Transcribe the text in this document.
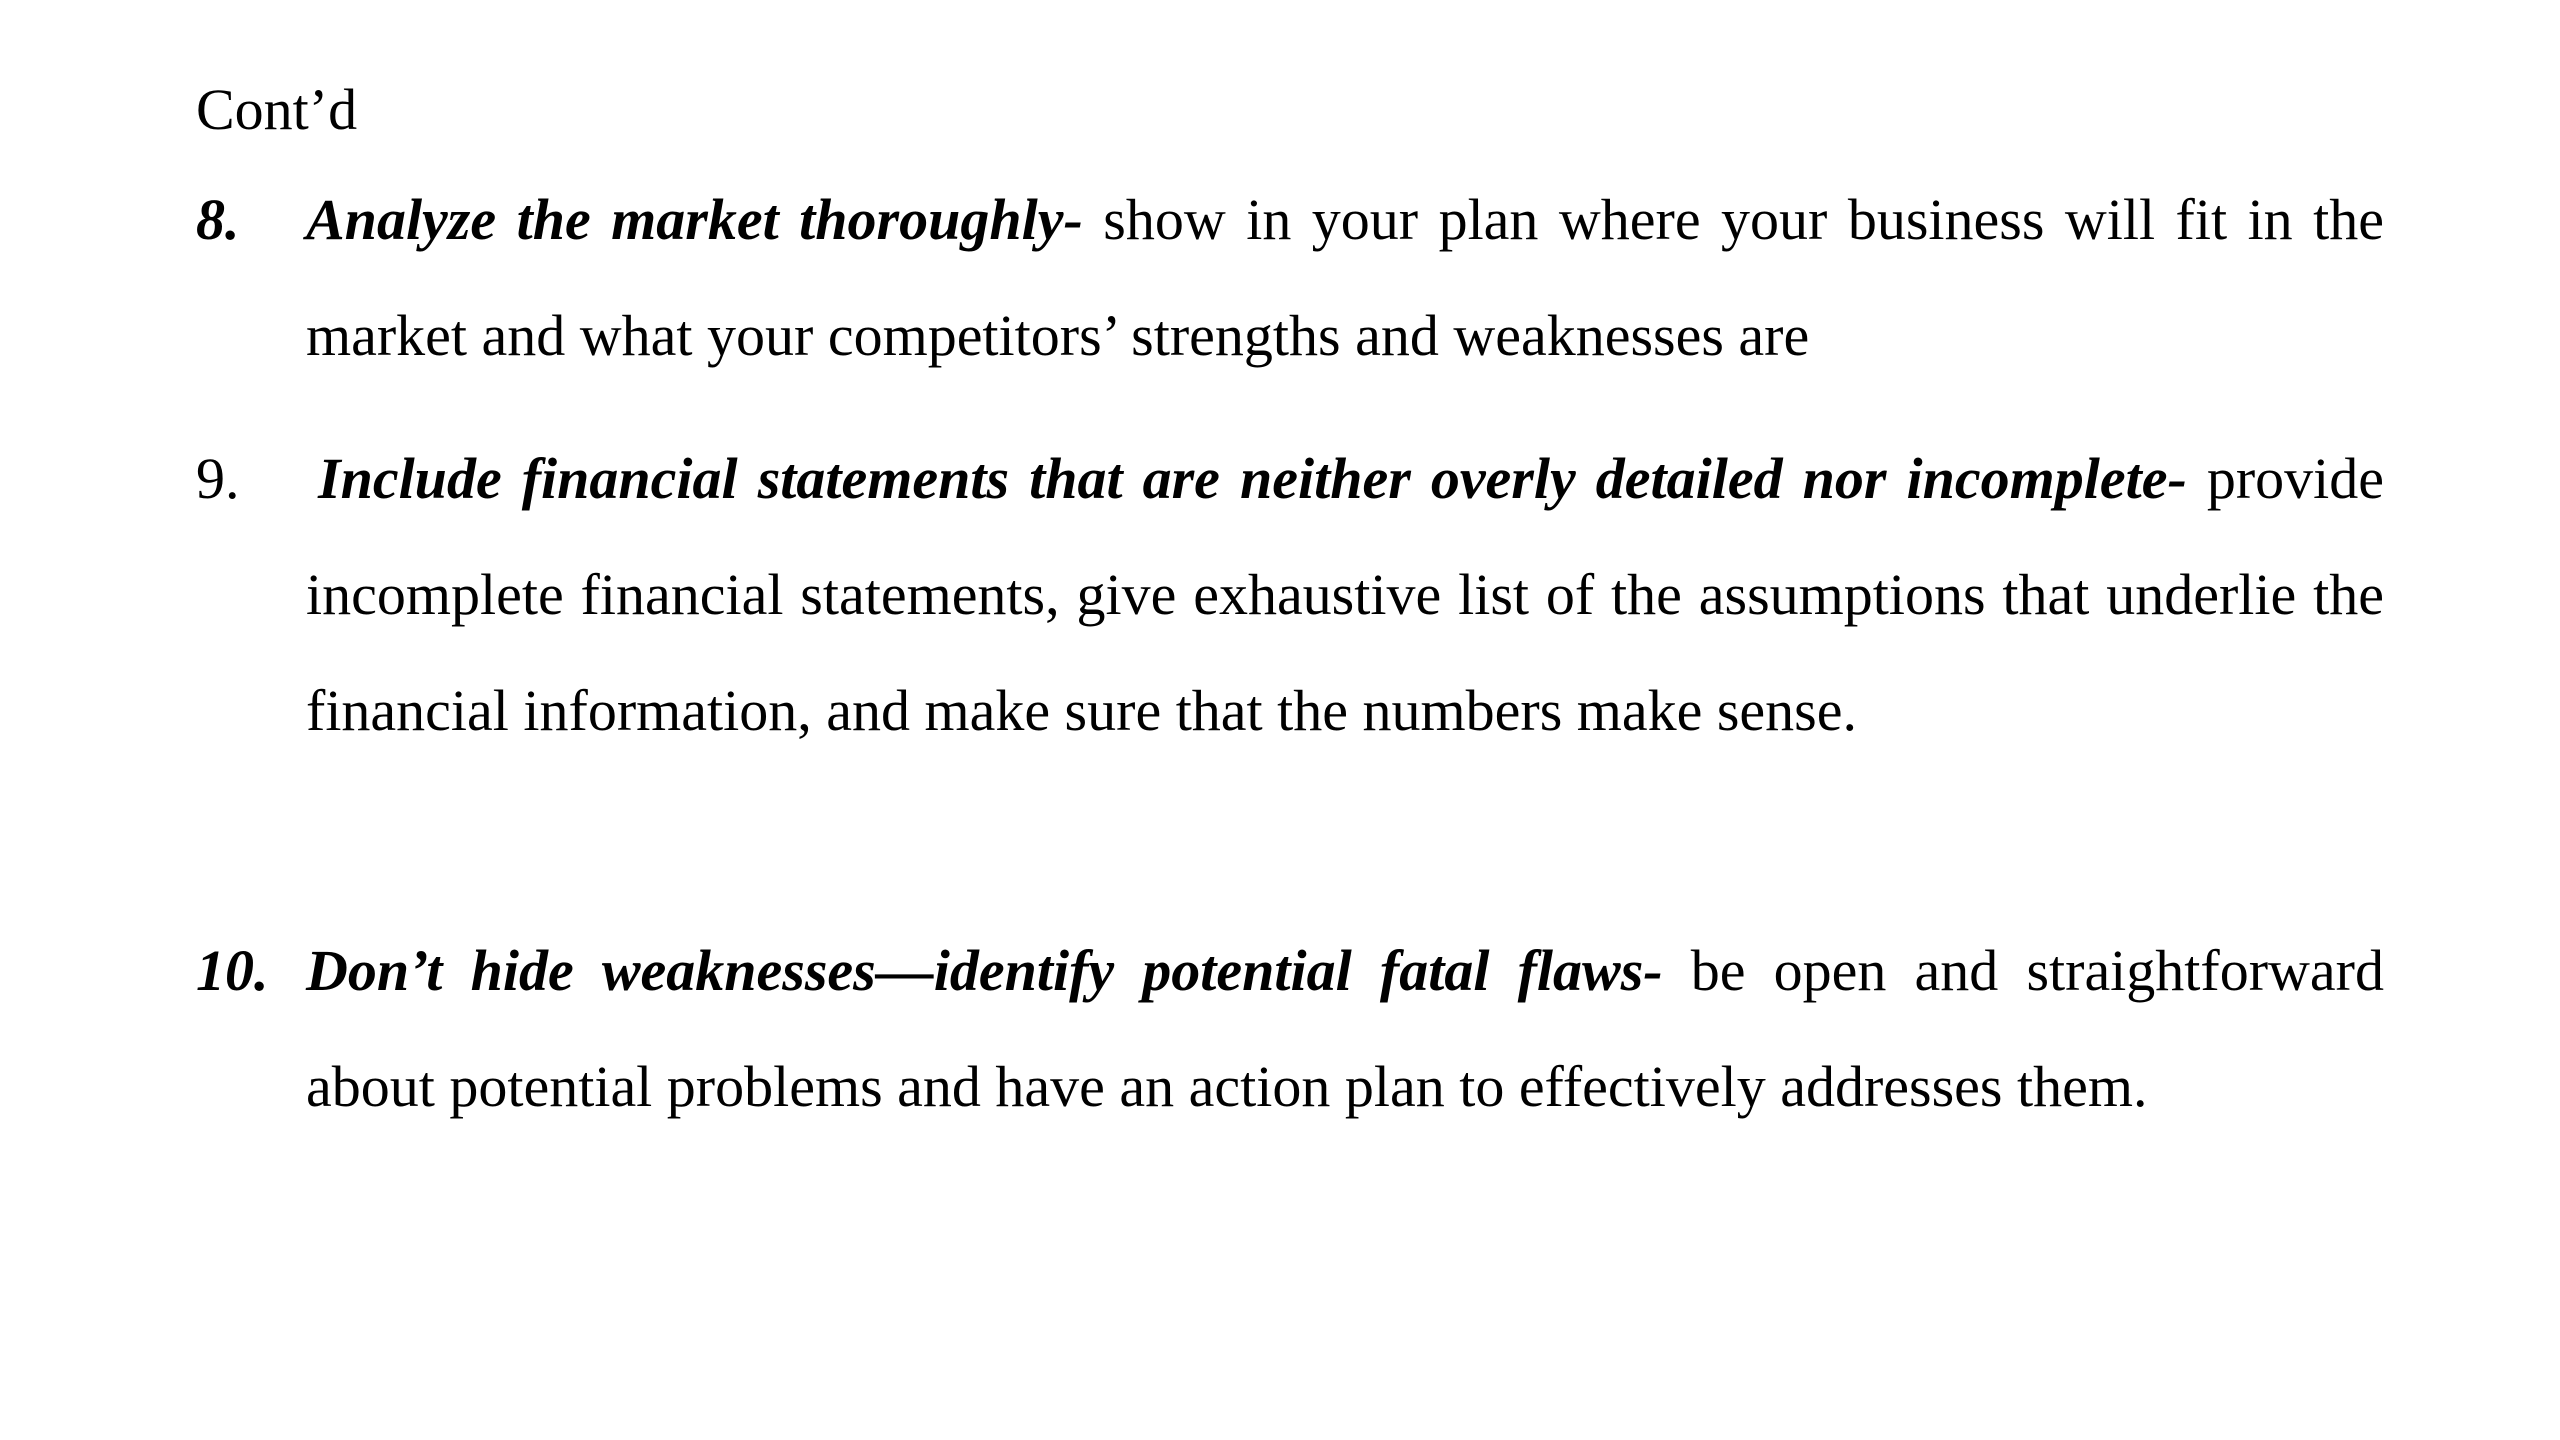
Cont’d

8. Analyze the market thoroughly- show in your plan where your business will fit in the market and what your competitors’ strengths and weaknesses are
9. Include financial statements that are neither overly detailed nor incomplete- provide incomplete financial statements, give exhaustive list of the assumptions that underlie the financial information, and make sure that the numbers make sense.
10. Don’t hide weaknesses—identify potential fatal flaws- be open and straightforward about potential problems and have an action plan to effectively addresses them.
